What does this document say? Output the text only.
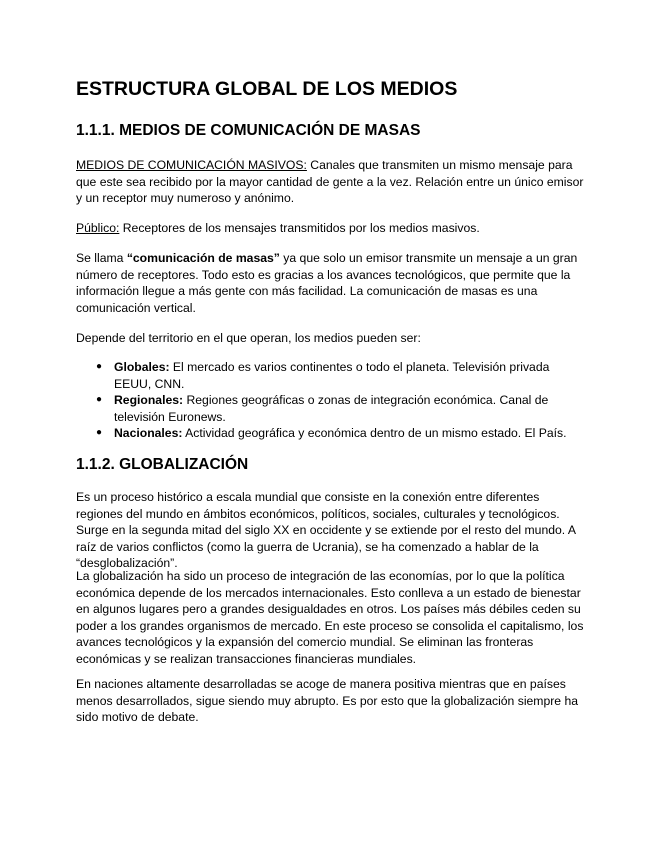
ESTRUCTURA GLOBAL DE LOS MEDIOS
1.1.1. MEDIOS DE COMUNICACIÓN DE MASAS

MEDIOS DE COMUNICACIÓN MASIVOS: Canales que transmiten un mismo mensaje para que este sea recibido por la mayor cantidad de gente a la vez. Relación entre un único emisor y un receptor muy numeroso y anónimo.

Público: Receptores de los mensajes transmitidos por los medios masivos.

Se llama “comunicación de masas” ya que solo un emisor transmite un mensaje a un gran número de receptores. Todo esto es gracias a los avances tecnológicos, que permite que la información llegue a más gente con más facilidad. La comunicación de masas es una comunicación vertical.

Depende del territorio en el que operan, los medios pueden ser:

● Globales: El mercado es varios continentes o todo el planeta. Televisión privada EEUU, CNN.
● Regionales: Regiones geográficas o zonas de integración económica. Canal de televisión Euronews.
● Nacionales: Actividad geográfica y económica dentro de un mismo estado. El País.
1.1.2. GLOBALIZACIÓN

Es un proceso histórico a escala mundial que consiste en la conexión entre diferentes regiones del mundo en ámbitos económicos, políticos, sociales, culturales y tecnológicos. Surge en la segunda mitad del siglo XX en occidente y se extiende por el resto del mundo. A raíz de varios conflictos (como la guerra de Ucrania), se ha comenzado a hablar de la “desglobalización”.

La globalización ha sido un proceso de integración de las economías, por lo que la política económica depende de los mercados internacionales. Esto conlleva a un estado de bienestar en algunos lugares pero a grandes desigualdades en otros. Los países más débiles ceden su poder a los grandes organismos de mercado. En este proceso se consolida el capitalismo, los avances tecnológicos y la expansión del comercio mundial. Se eliminan las fronteras económicas y se realizan transacciones financieras mundiales.

En naciones altamente desarrolladas se acoge de manera positiva mientras que en países menos desarrollados, sigue siendo muy abrupto. Es por esto que la globalización siempre ha sido motivo de debate.
